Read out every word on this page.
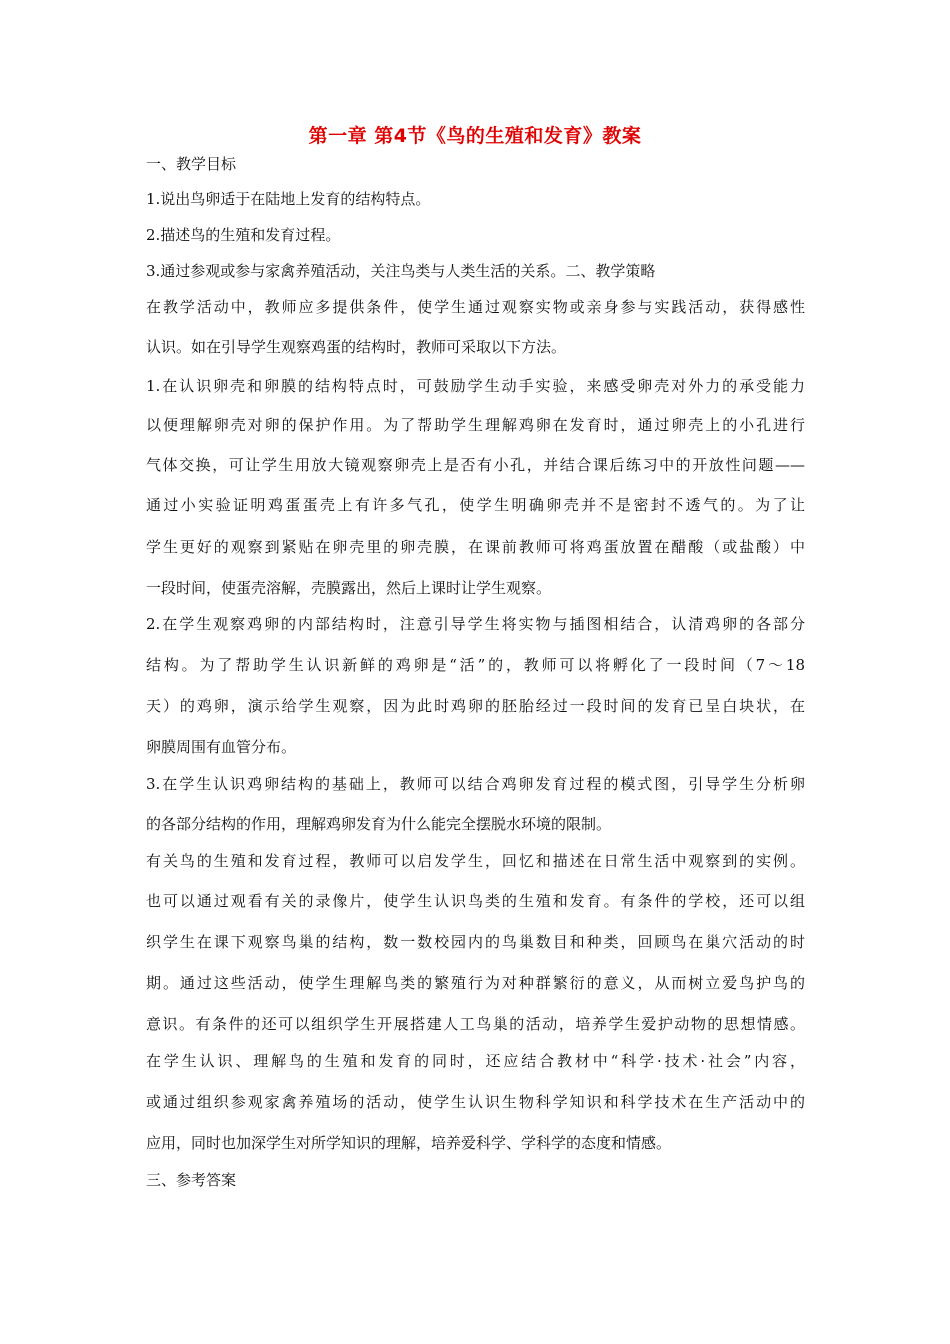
第一章 第4节《鸟的生殖和发育》教案
一、教学目标
1.说出鸟卵适于在陆地上发育的结构特点。
2.描述鸟的生殖和发育过程。
3.通过参观或参与家禽养殖活动，关注鸟类与人类生活的关系。二、教学策略
在教学活动中，教师应多提供条件，使学生通过观察实物或亲身参与实践活动，获得感性
认识。如在引导学生观察鸡蛋的结构时，教师可采取以下方法。
1.在认识卵壳和卵膜的结构特点时，可鼓励学生动手实验，来感受卵壳对外力的承受能力
以便理解卵壳对卵的保护作用。为了帮助学生理解鸡卵在发育时，通过卵壳上的小孔进行
气体交换，可让学生用放大镜观察卵壳上是否有小孔，并结合课后练习中的开放性问题——
通过小实验证明鸡蛋蛋壳上有许多气孔，使学生明确卵壳并不是密封不透气的。为了让
学生更好的观察到紧贴在卵壳里的卵壳膜，在课前教师可将鸡蛋放置在醋酸（或盐酸）中
一段时间，使蛋壳溶解，壳膜露出，然后上课时让学生观察。
2.在学生观察鸡卵的内部结构时，注意引导学生将实物与插图相结合，认清鸡卵的各部分
结构。为了帮助学生认识新鲜的鸡卵是“活”的，教师可以将孵化了一段时间（7～18
天）的鸡卵，演示给学生观察，因为此时鸡卵的胚胎经过一段时间的发育已呈白块状，在
卵膜周围有血管分布。
3.在学生认识鸡卵结构的基础上，教师可以结合鸡卵发育过程的模式图，引导学生分析卵
的各部分结构的作用，理解鸡卵发育为什么能完全摆脱水环境的限制。
有关鸟的生殖和发育过程，教师可以启发学生，回忆和描述在日常生活中观察到的实例。
也可以通过观看有关的录像片，使学生认识鸟类的生殖和发育。有条件的学校，还可以组
织学生在课下观察鸟巢的结构，数一数校园内的鸟巢数目和种类，回顾鸟在巢穴活动的时
期。通过这些活动，使学生理解鸟类的繁殖行为对种群繁衍的意义，从而树立爱鸟护鸟的
意识。有条件的还可以组织学生开展搭建人工鸟巢的活动，培养学生爱护动物的思想情感。
在学生认识、理解鸟的生殖和发育的同时，还应结合教材中“科学·技术·社会”内容，
或通过组织参观家禽养殖场的活动，使学生认识生物科学知识和科学技术在生产活动中的
应用，同时也加深学生对所学知识的理解，培养爱科学、学科学的态度和情感。
三、参考答案
